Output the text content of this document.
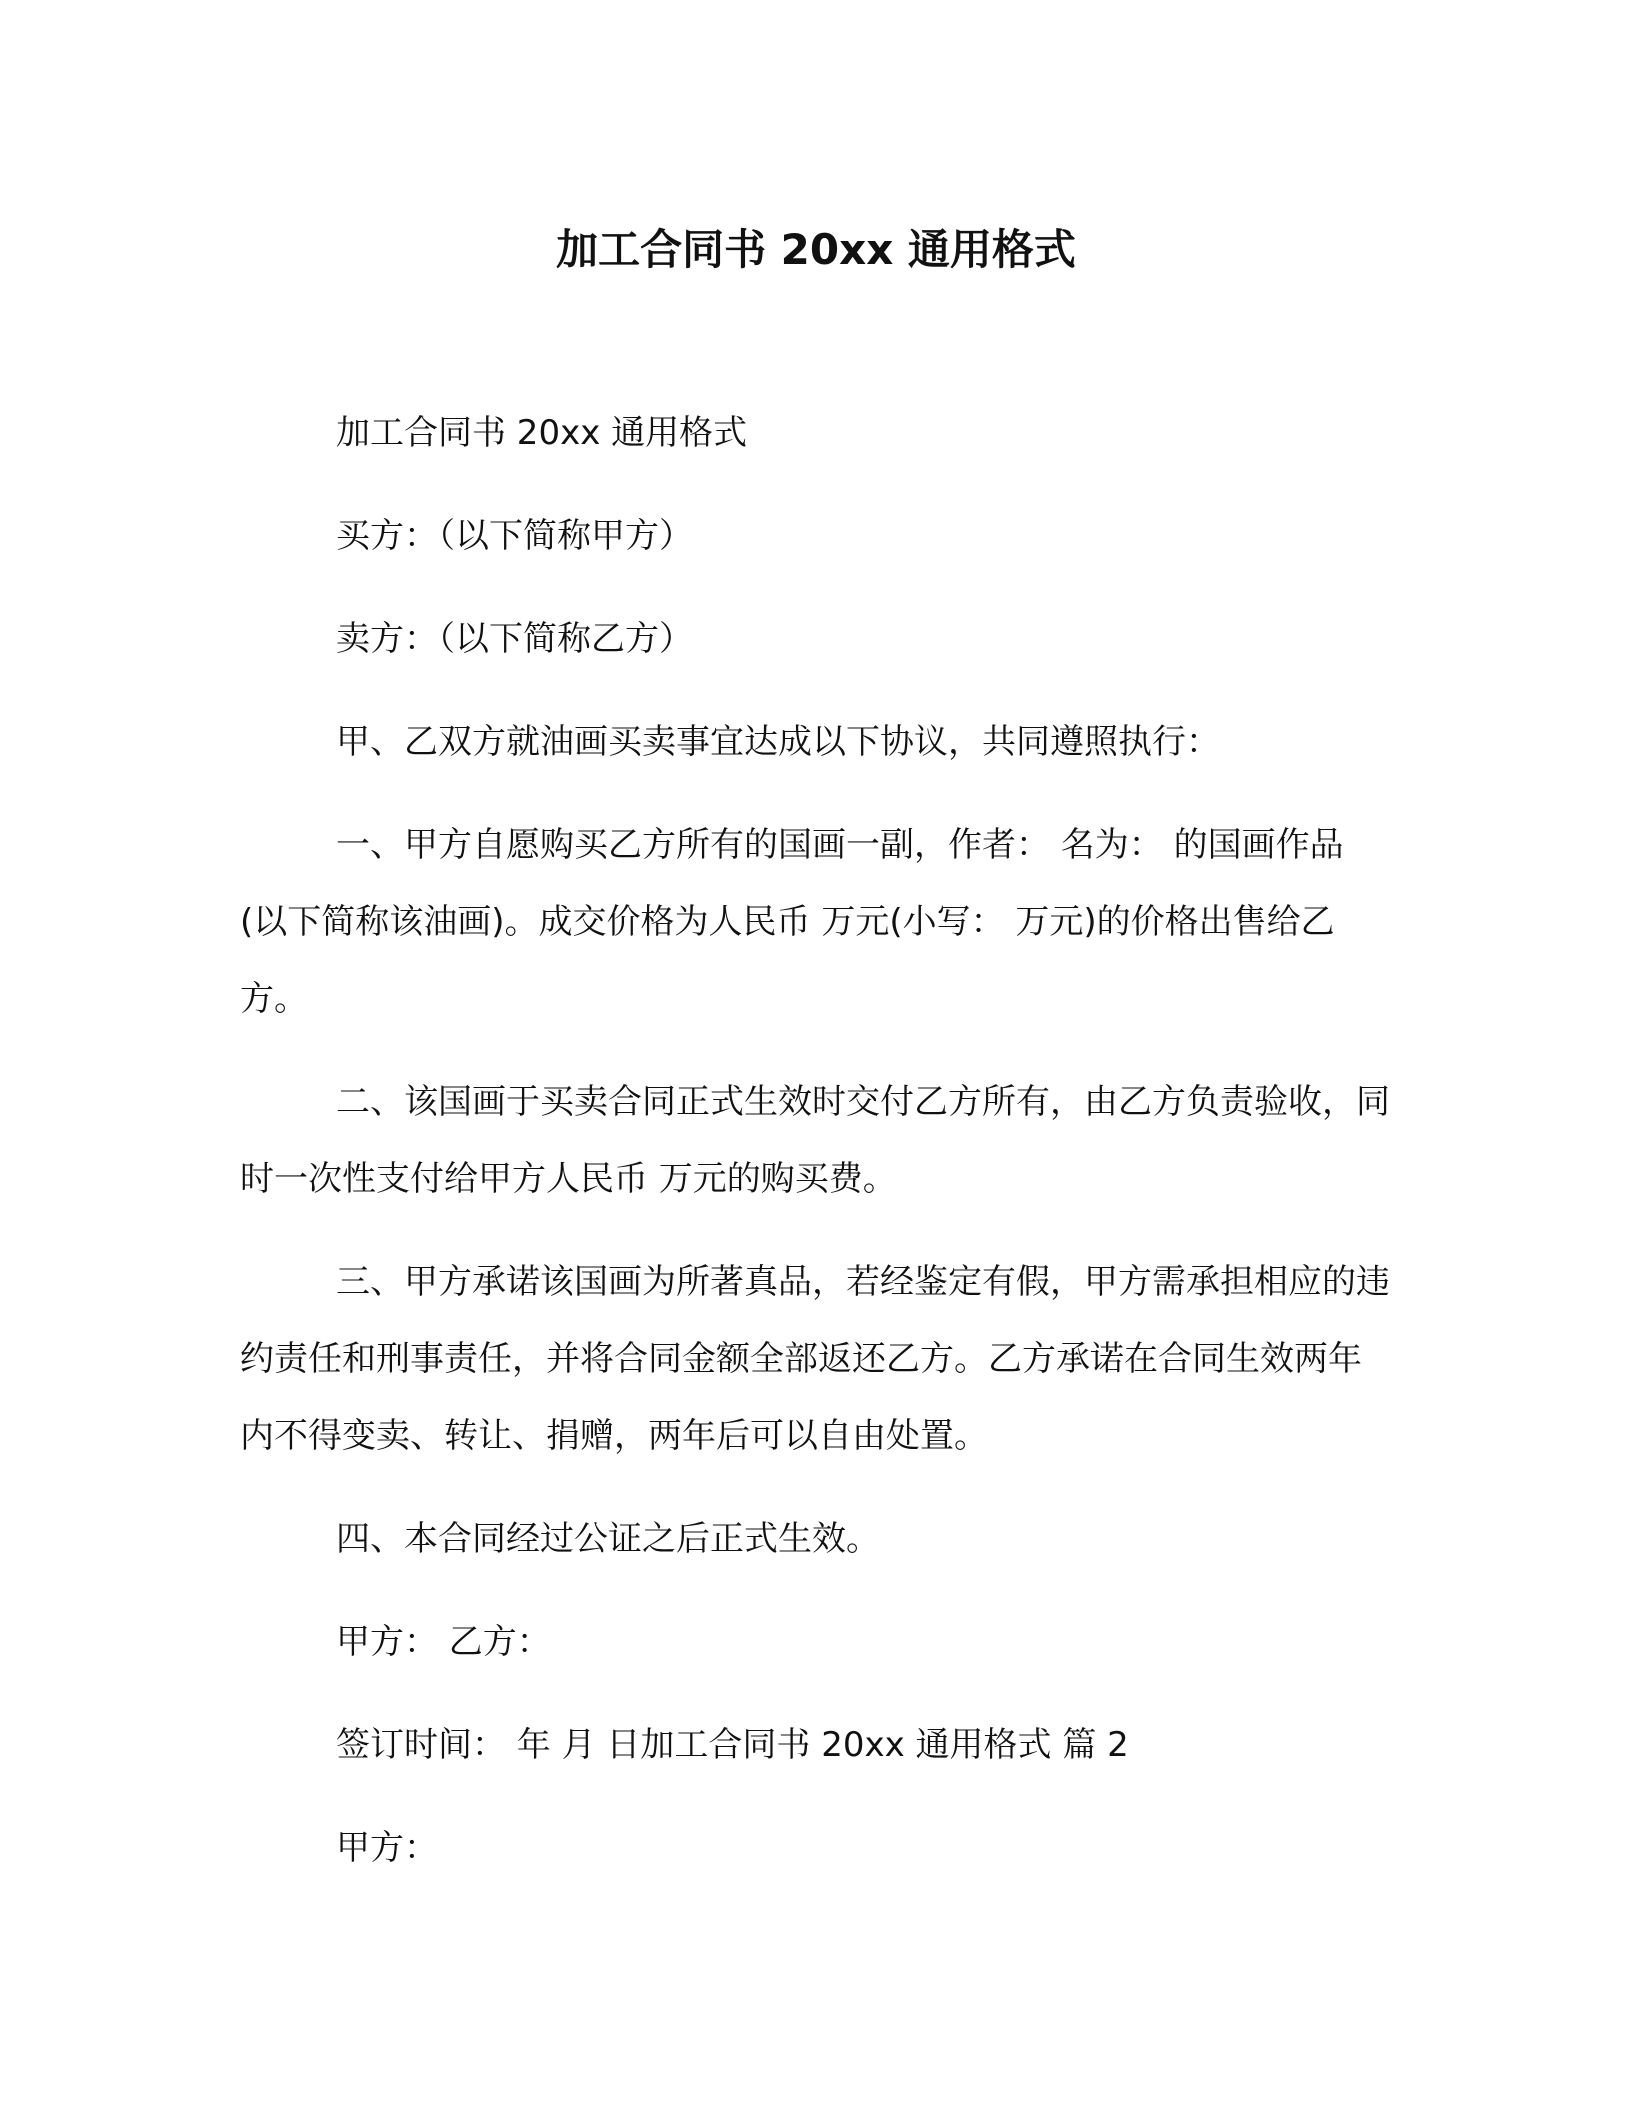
加工合同书 20xx 通用格式

加工合同书 20xx 通用格式

买方：（以下简称甲方）

卖方：（以下简称乙方）

甲、乙双方就油画买卖事宜达成以下协议，共同遵照执行：

一、甲方自愿购买乙方所有的国画一副，作者： 名为： 的国画作品(以下简称该油画)。成交价格为人民币 万元(小写： 万元)的价格出售给乙方。

二、该国画于买卖合同正式生效时交付乙方所有，由乙方负责验收，同时一次性支付给甲方人民币 万元的购买费。

三、甲方承诺该国画为所著真品，若经鉴定有假，甲方需承担相应的违约责任和刑事责任，并将合同金额全部返还乙方。乙方承诺在合同生效两年内不得变卖、转让、捐赠，两年后可以自由处置。

四、本合同经过公证之后正式生效。

甲方： 乙方：

签订时间： 年 月 日加工合同书 20xx 通用格式 篇 2

甲方：
